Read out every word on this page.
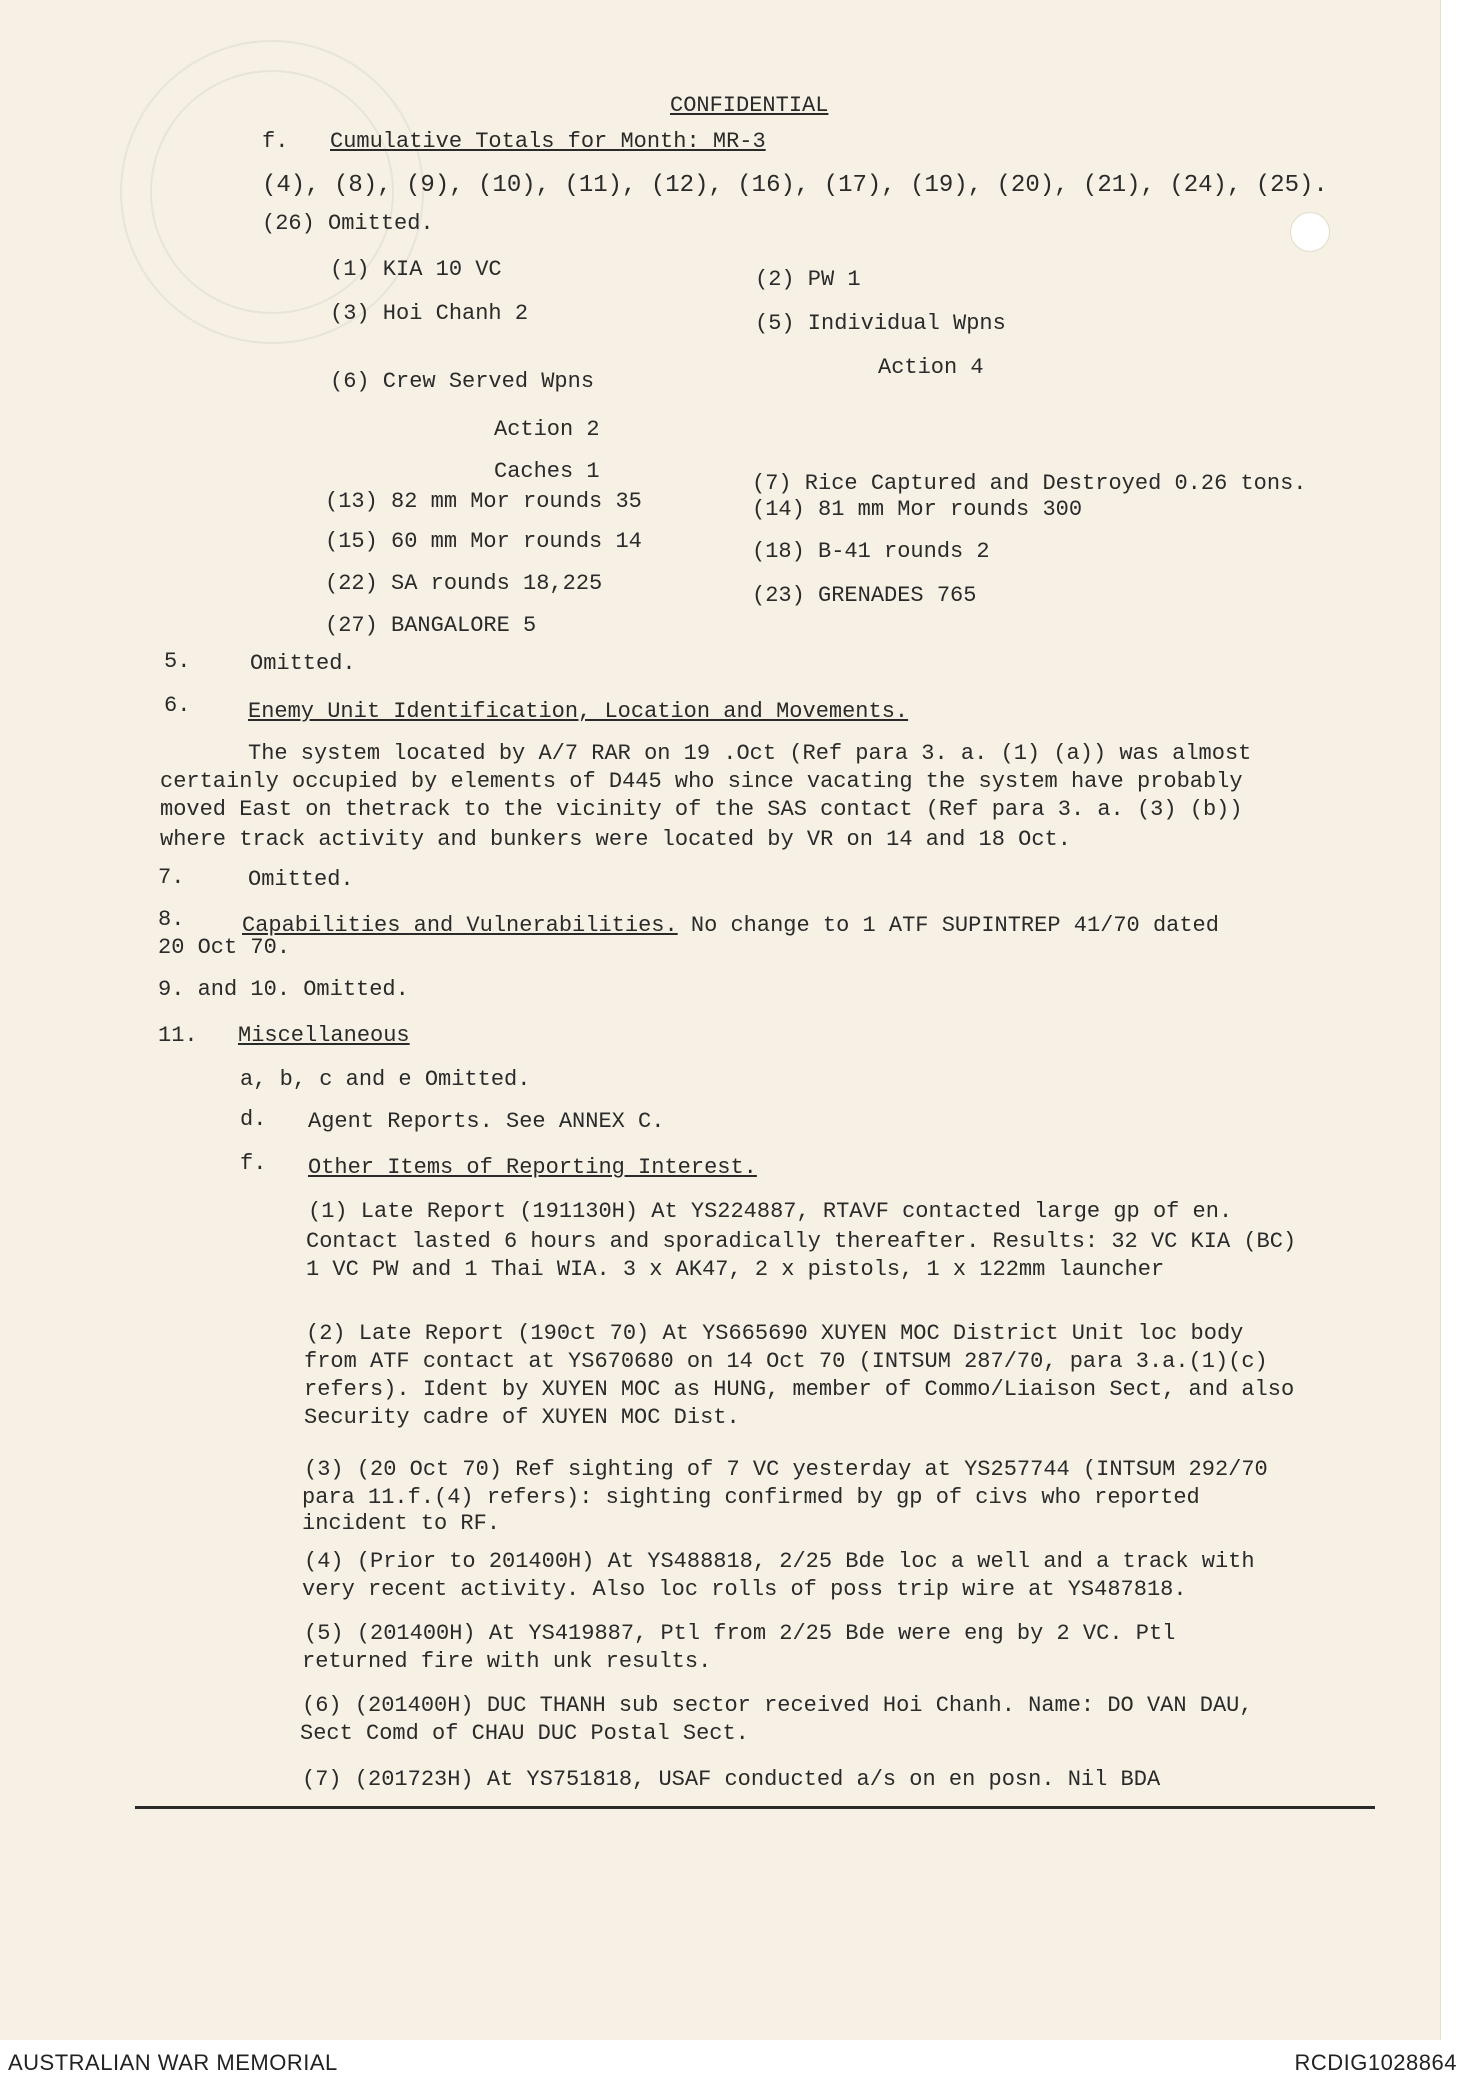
CONFIDENTIAL
f. Cumulative Totals for Month: MR-3
(4), (8), (9), (10), (11), (12), (16), (17), (19), (20), (21), (24), (25).
(26) Omitted.
(1) KIA 10 VC	(2) PW 1
(3) Hoi Chanh 2	(5) Individual Wpns
Action 4
(6) Crew Served Wpns
Action 2
Caches 1	(7) Rice Captured and Destroyed 0.26 tons.
(13) 82 mm Mor rounds 35	(14) 81 mm Mor rounds 300
(15) 60 mm Mor rounds 14	(18) B-41 rounds 2
(22) SA rounds 18,225	(23) GRENADES 765
(27) BANGALORE 5
5.	Omitted.
6.	Enemy Unit Identification, Location and Movements.
The system located by A/7 RAR on 19 .Oct (Ref para 3. a. (1) (a)) was almost
certainly occupied by elements of D445 who since vacating the system have probably
moved East on thetrack to the vicinity of the SAS contact (Ref para 3. a. (3) (b))
where track activity and bunkers were located by VR on 14 and 18 Oct.
7.	Omitted.
8.	Capabilities and Vulnerabilities. No change to 1 ATF SUPINTREP 41/70 dated
20 Oct 70.
9. and 10. Omitted.
11. Miscellaneous
a, b, c and e Omitted.
d. Agent Reports. See ANNEX C.
f. Other Items of Reporting Interest.
(1) Late Report (191130H) At YS224887, RTAVF contacted large gp of en.
Contact lasted 6 hours and sporadically thereafter. Results: 32 VC KIA (BC)
1 VC PW and 1 Thai WIA. 3 x AK47, 2 x pistols, 1 x 122mm launcher
(2) Late Report (190ct 70) At YS665690 XUYEN MOC District Unit loc body
from ATF contact at YS670680 on 14 Oct 70 (INTSUM 287/70, para 3.a.(1)(c)
refers). Ident by XUYEN MOC as HUNG, member of Commo/Liaison Sect, and also
Security cadre of XUYEN MOC Dist.
(3) (20 Oct 70) Ref sighting of 7 VC yesterday at YS257744 (INTSUM 292/70
para 11.f.(4) refers): sighting confirmed by gp of civs who reported
incident to RF.
(4) (Prior to 201400H) At YS488818, 2/25 Bde loc a well and a track with
very recent activity. Also loc rolls of poss trip wire at YS487818.
(5) (201400H) At YS419887, Ptl from 2/25 Bde were eng by 2 VC. Ptl
returned fire with unk results.
(6) (201400H) DUC THANH sub sector received Hoi Chanh. Name: DO VAN DAU,
Sect Comd of CHAU DUC Postal Sect.
(7) (201723H) At YS751818, USAF conducted a/s on en posn. Nil BDA
AUSTRALIAN WAR MEMORIAL	RCDIG1028864
